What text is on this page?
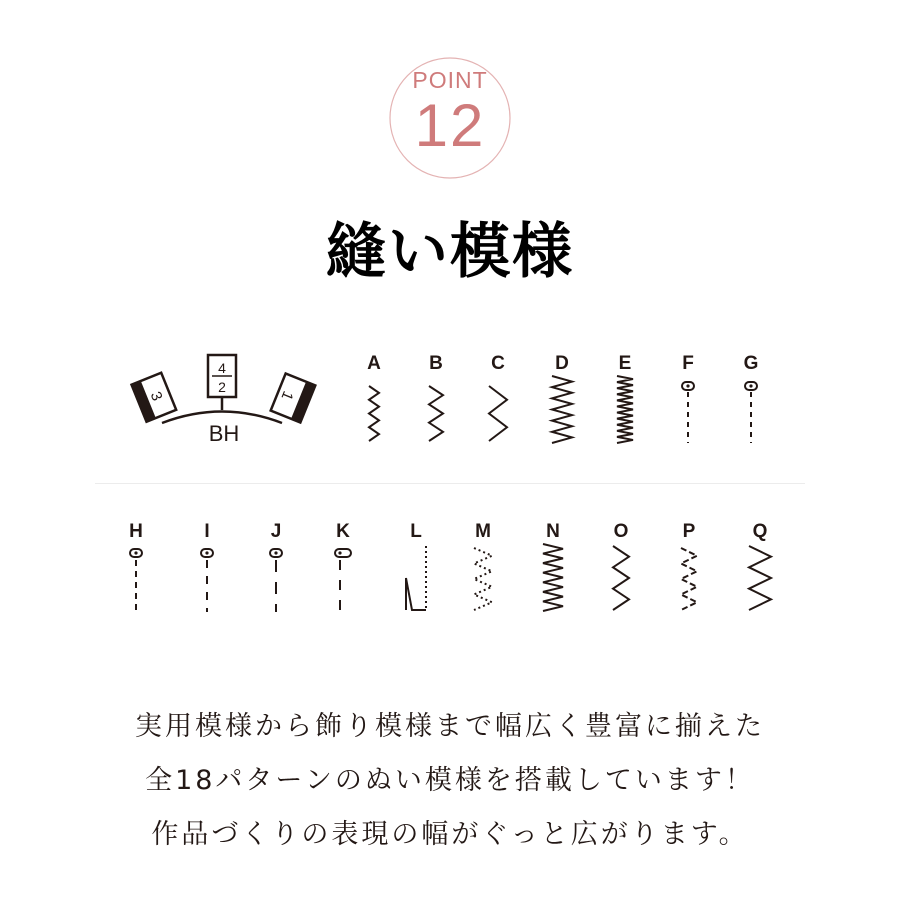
POINT
12
縫い模様
3
4
2
1
BH
A	B	C	D	E	F	G
H	I	J	K	L	M	N	O	P	Q
実用模様から飾り模様まで幅広く豊富に揃えた
全18パターンのぬい模様を搭載しています！
作品づくりの表現の幅がぐっと広がります。
